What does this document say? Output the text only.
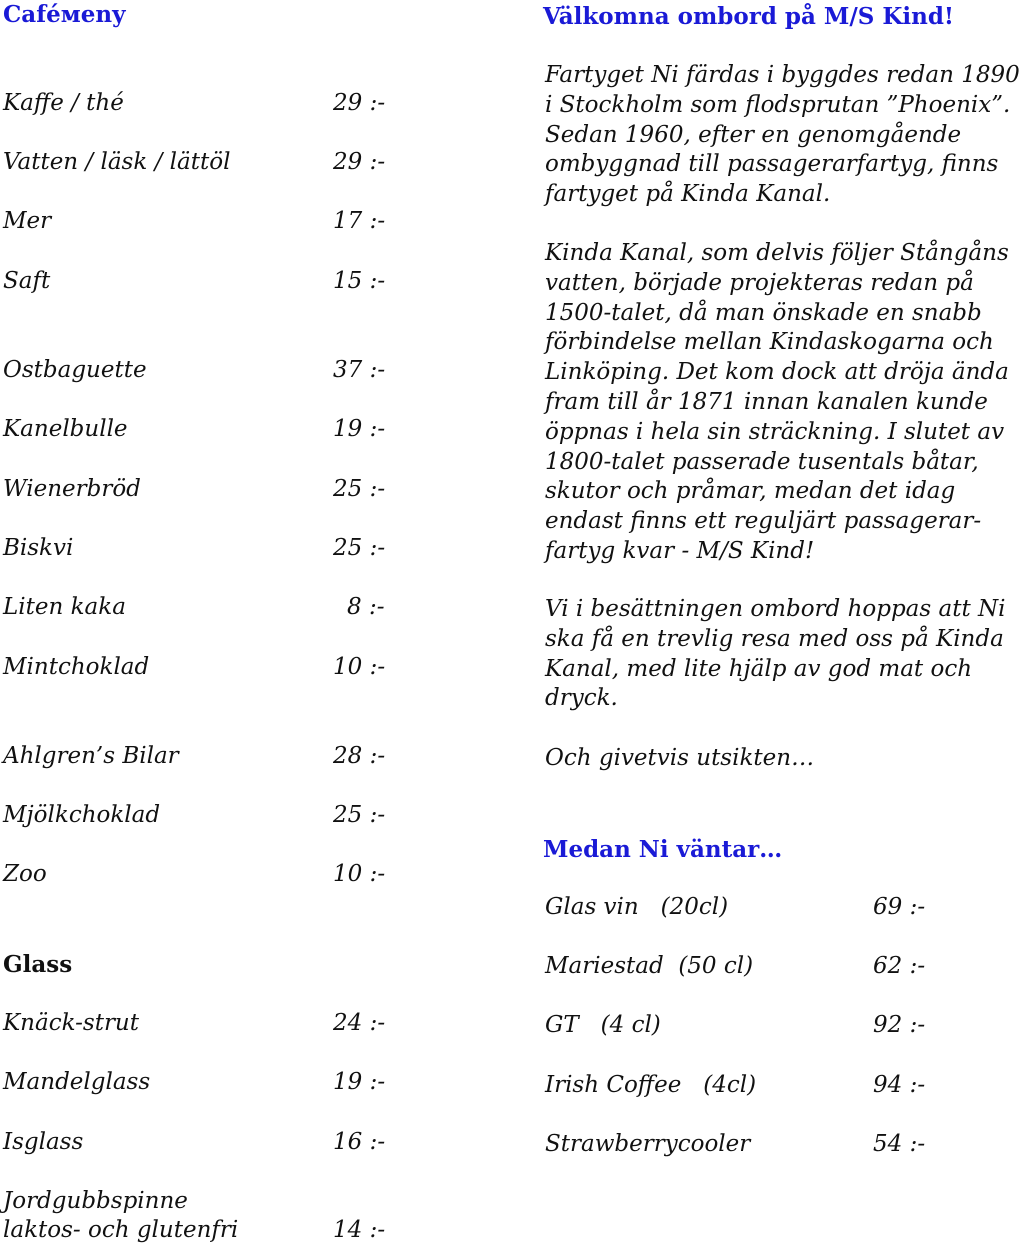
Caféмeny
Kaffe / thé	29 :-
Vatten / läsk / lättöl	29 :-
Mer	17 :-
Saft	15 :-
Ostbaguette	37 :-
Kanelbulle	19 :-
Wienerbröd	25 :-
Biskvi	25 :-
Liten kaka	8 :-
Mintchoklad	10 :-
Ahlgren’s Bilar	28 :-
Mjölkchoklad	25 :-
Zoo	10 :-
Glass
Knäck-strut	24 :-
Mandelglass	19 :-
Isglass	16 :-
Jordgubbspinne
laktos- och glutenfri	14 :-
Välkomna ombord på M/S Kind!
Fartyget Ni färdas i byggdes redan 1890
i Stockholm som flodsprutan ”Phoenix”.
Sedan 1960, efter en genomgående
ombyggnad till passagerarfartyg, finns
fartyget på Kinda Kanal.
Kinda Kanal, som delvis följer Stångåns
vatten, började projekteras redan på
1500-talet, då man önskade en snabb
förbindelse mellan Kindaskogarna och
Linköping. Det kom dock att dröja ända
fram till år 1871 innan kanalen kunde
öppnas i hela sin sträckning. I slutet av
1800-talet passerade tusentals båtar,
skutor och pråmar, medan det idag
endast finns ett reguljärt passagerar-
fartyg kvar - M/S Kind!
Vi i besättningen ombord hoppas att Ni
ska få en trevlig resa med oss på Kinda
Kanal, med lite hjälp av god mat och
dryck.
Och givetvis utsikten…
Medan Ni väntar…
Glas vin   (20cl)	69 :-
Mariestad  (50 cl)	62 :-
GT   (4 cl)	92 :-
Irish Coffee   (4cl)	94 :-
Strawberrycooler	54 :-
